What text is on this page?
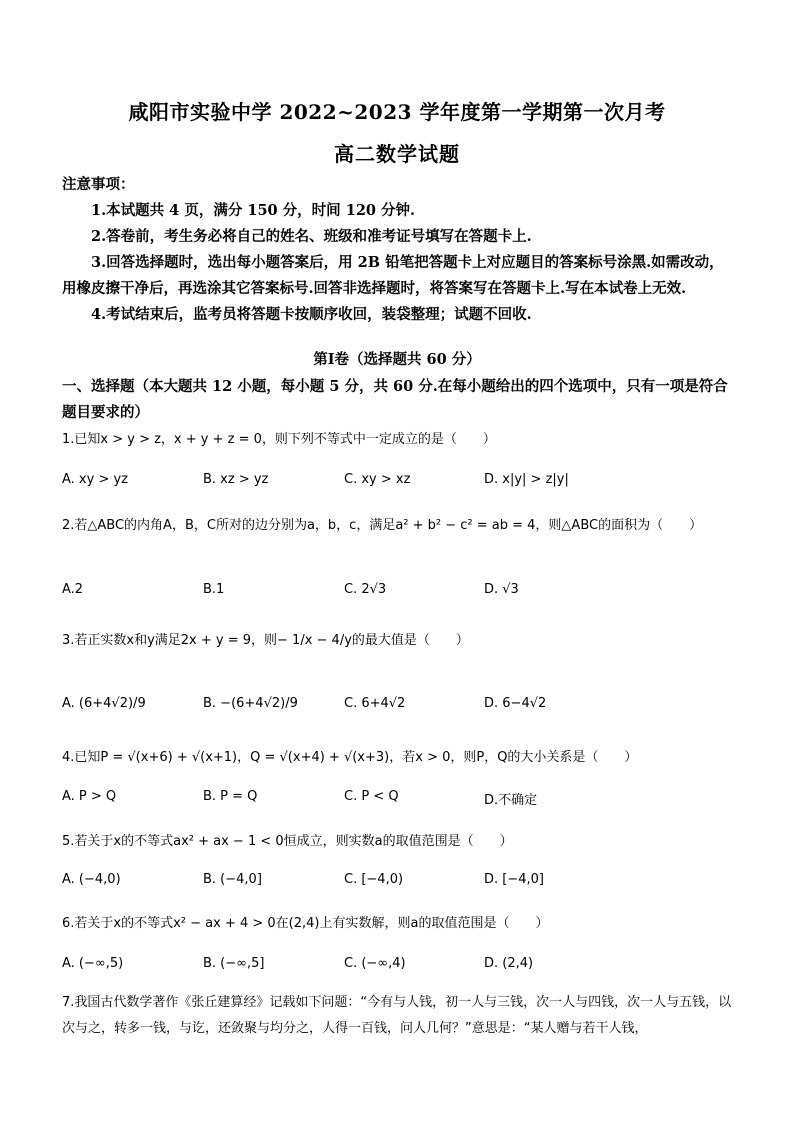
咸阳市实验中学 2022~2023 学年度第一学期第一次月考
高二数学试题

注意事项：

1.本试题共 4 页，满分 150 分，时间 120 分钟.

2.答卷前，考生务必将自己的姓名、班级和准考证号填写在答题卡上.

3.回答选择题时，选出每小题答案后，用 2B 铅笔把答题卡上对应题目的答案标号涂黑.如需改动，用橡皮擦干净后，再选涂其它答案标号.回答非选择题时，将答案写在答题卡上.写在本试卷上无效.

4.考试结束后，监考员将答题卡按顺序收回，装袋整理；试题不回收.

第Ⅰ卷（选择题共 60 分）
一、选择题（本大题共 12 小题，每小题 5 分，共 60 分.在每小题给出的四个选项中，只有一项是符合题目要求的）
1.已知x > y > z，x + y + z = 0，则下列不等式中一定成立的是（　　）
A. xy > yz	B. xz > yz	C. xy > xz	D. x|y| > z|y|
2.若△ABC的内角A，B，C所对的边分别为a，b，c，满足a² + b² − c² = ab = 4，则△ABC的面积为（　　）
A.2	B.1	C. 2√3	D. √3
3.若正实数x和y满足2x + y = 9，则− 1/x − 4/y的最大值是（　　）
A. (6+4√2)/9	B. −(6+4√2)/9	C. 6+4√2	D. 6−4√2
4.已知P = √(x+6) + √(x+1)，Q = √(x+4) + √(x+3)，若x > 0，则P，Q的大小关系是（　　）
A. P > Q	B. P = Q	C. P < Q	D.不确定
5.若关于x的不等式ax² + ax − 1 < 0恒成立，则实数a的取值范围是（　　）
A. (−4,0)	B. (−4,0]	C. [−4,0)	D. [−4,0]
6.若关于x的不等式x² − ax + 4 > 0在(2,4)上有实数解，则a的取值范围是（　　）
A. (−∞,5)	B. (−∞,5]	C. (−∞,4)	D. (2,4)
7.我国古代数学著作《张丘建算经》记载如下问题：“今有与人钱，初一人与三钱，次一人与四钱，次一人与五钱，以次与之，转多一钱，与讫，还敛聚与均分之，人得一百钱，问人几何？”意思是：“某人赠与若干人钱，
